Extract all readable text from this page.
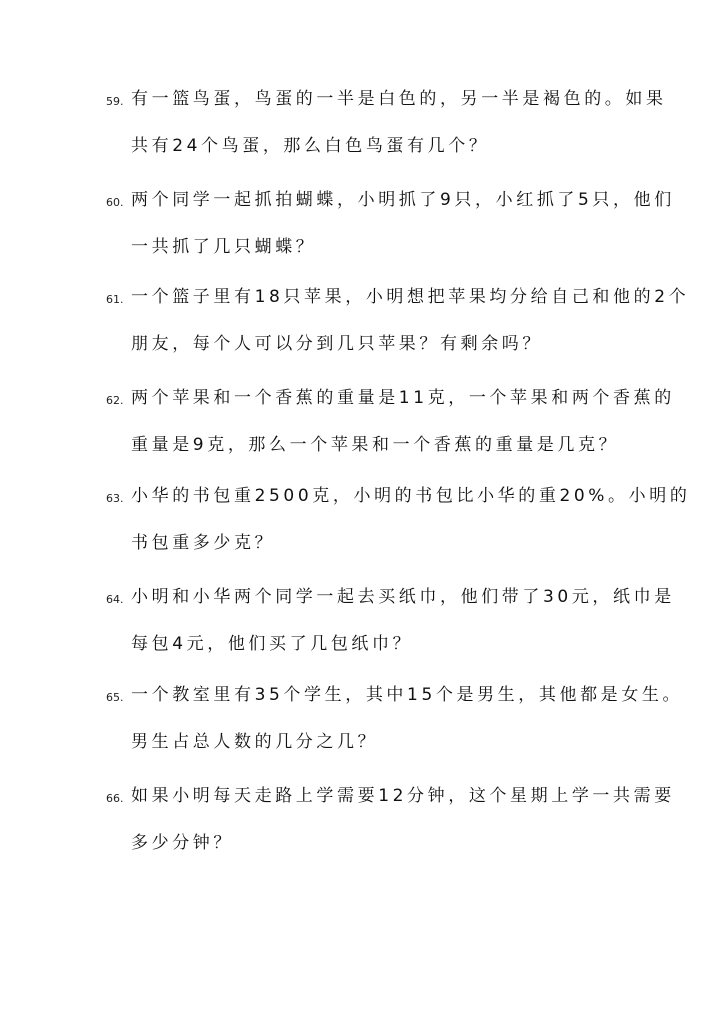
59. 有一篮鸟蛋，鸟蛋的一半是白色的，另一半是褐色的。如果
共有24个鸟蛋，那么白色鸟蛋有几个？
60. 两个同学一起抓拍蝴蝶，小明抓了9只，小红抓了5只，他们
一共抓了几只蝴蝶？
61. 一个篮子里有18只苹果，小明想把苹果均分给自己和他的2个
朋友，每个人可以分到几只苹果？有剩余吗？
62. 两个苹果和一个香蕉的重量是11克，一个苹果和两个香蕉的
重量是9克，那么一个苹果和一个香蕉的重量是几克？
63. 小华的书包重2500克，小明的书包比小华的重20%。小明的
书包重多少克？
64. 小明和小华两个同学一起去买纸巾，他们带了30元，纸巾是
每包4元，他们买了几包纸巾？
65. 一个教室里有35个学生，其中15个是男生，其他都是女生。
男生占总人数的几分之几？
66. 如果小明每天走路上学需要12分钟，这个星期上学一共需要
多少分钟？
